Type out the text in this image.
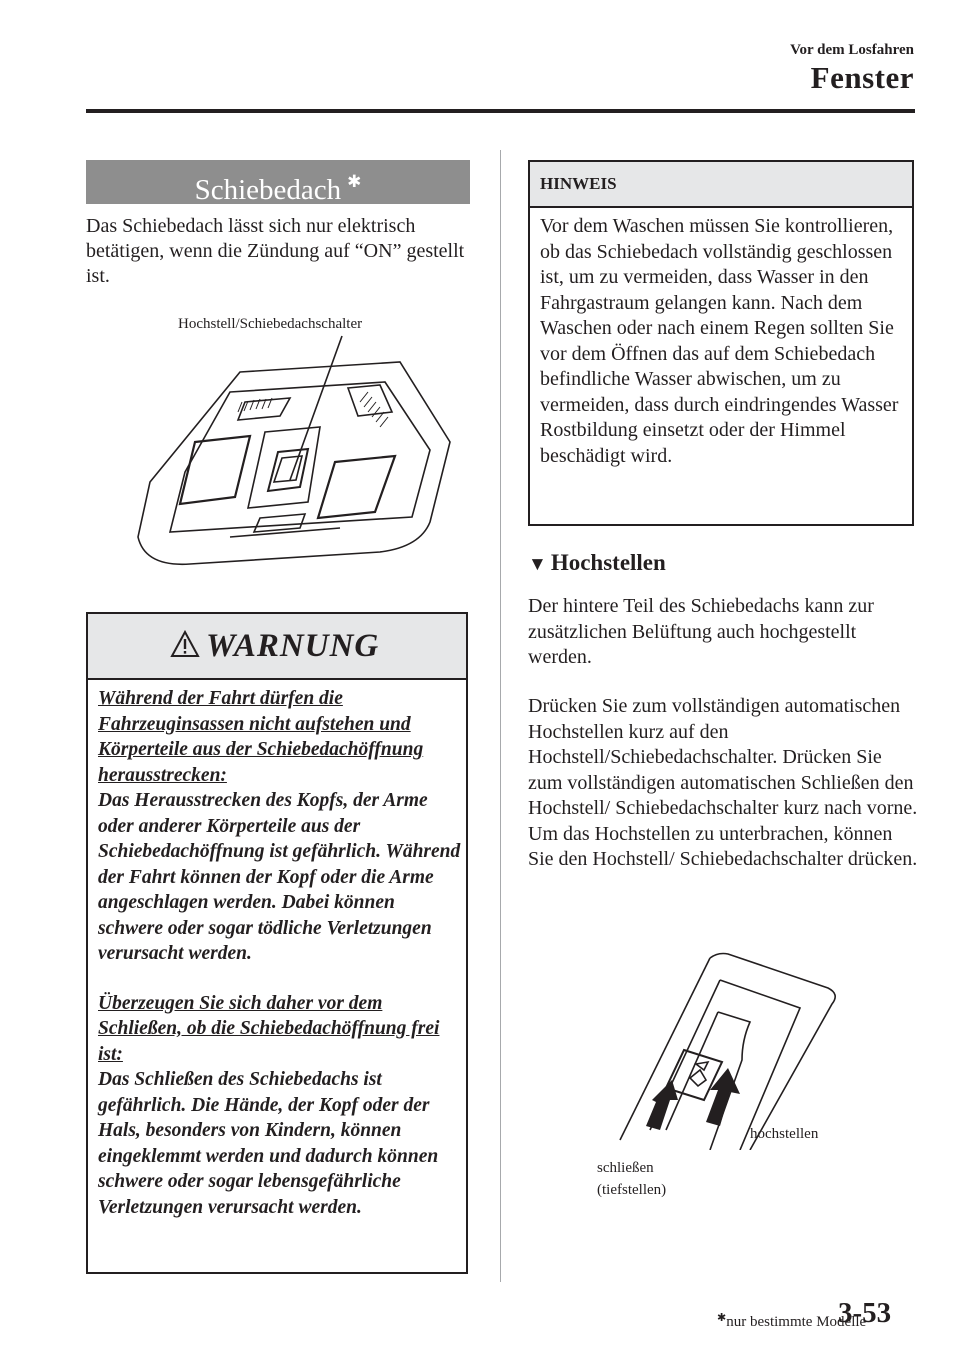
Vor dem Losfahren
Fenster
Schiebedach ✱
Das Schiebedach lässt sich nur elektrisch betätigen, wenn die Zündung auf “ON” gestellt ist.
Hochstell/Schiebedachschalter
WARNUNG
Während der Fahrt dürfen die Fahrzeuginsassen nicht aufstehen und Körperteile aus der Schiebedachöffnung herausstrecken:
Das Herausstrecken des Kopfs, der Arme oder anderer Körperteile aus der Schiebedachöffnung ist gefährlich. Während der Fahrt können der Kopf oder die Arme angeschlagen werden. Dabei können schwere oder sogar tödliche Verletzungen verursacht werden.
Überzeugen Sie sich daher vor dem Schließen, ob die Schiebedachöffnung frei ist:
Das Schließen des Schiebedachs ist gefährlich. Die Hände, der Kopf oder der Hals, besonders von Kindern, können eingeklemmt werden und dadurch können schwere oder sogar lebensgefährliche Verletzungen verursacht werden.
HINWEIS
Vor dem Waschen müssen Sie kontrollieren, ob das Schiebedach vollständig geschlossen ist, um zu vermeiden, dass Wasser in den Fahrgastraum gelangen kann. Nach dem Waschen oder nach einem Regen sollten Sie vor dem Öffnen das auf dem Schiebedach befindliche Wasser abwischen, um zu vermeiden, dass durch eindringendes Wasser Rostbildung einsetzt oder der Himmel beschädigt wird.
▼ Hochstellen
Der hintere Teil des Schiebedachs kann zur zusätzlichen Belüftung auch hochgestellt werden.
Drücken Sie zum vollständigen automatischen Hochstellen kurz auf den Hochstell/Schiebedachschalter. Drücken Sie zum vollständigen automatischen Schließen den Hochstell/ Schiebedachschalter kurz nach vorne. Um das Hochstellen zu unterbrachen, können Sie den Hochstell/ Schiebedachschalter drücken.
hochstellen
schließen
(tiefstellen)
✱nur bestimmte Modelle
3-53
